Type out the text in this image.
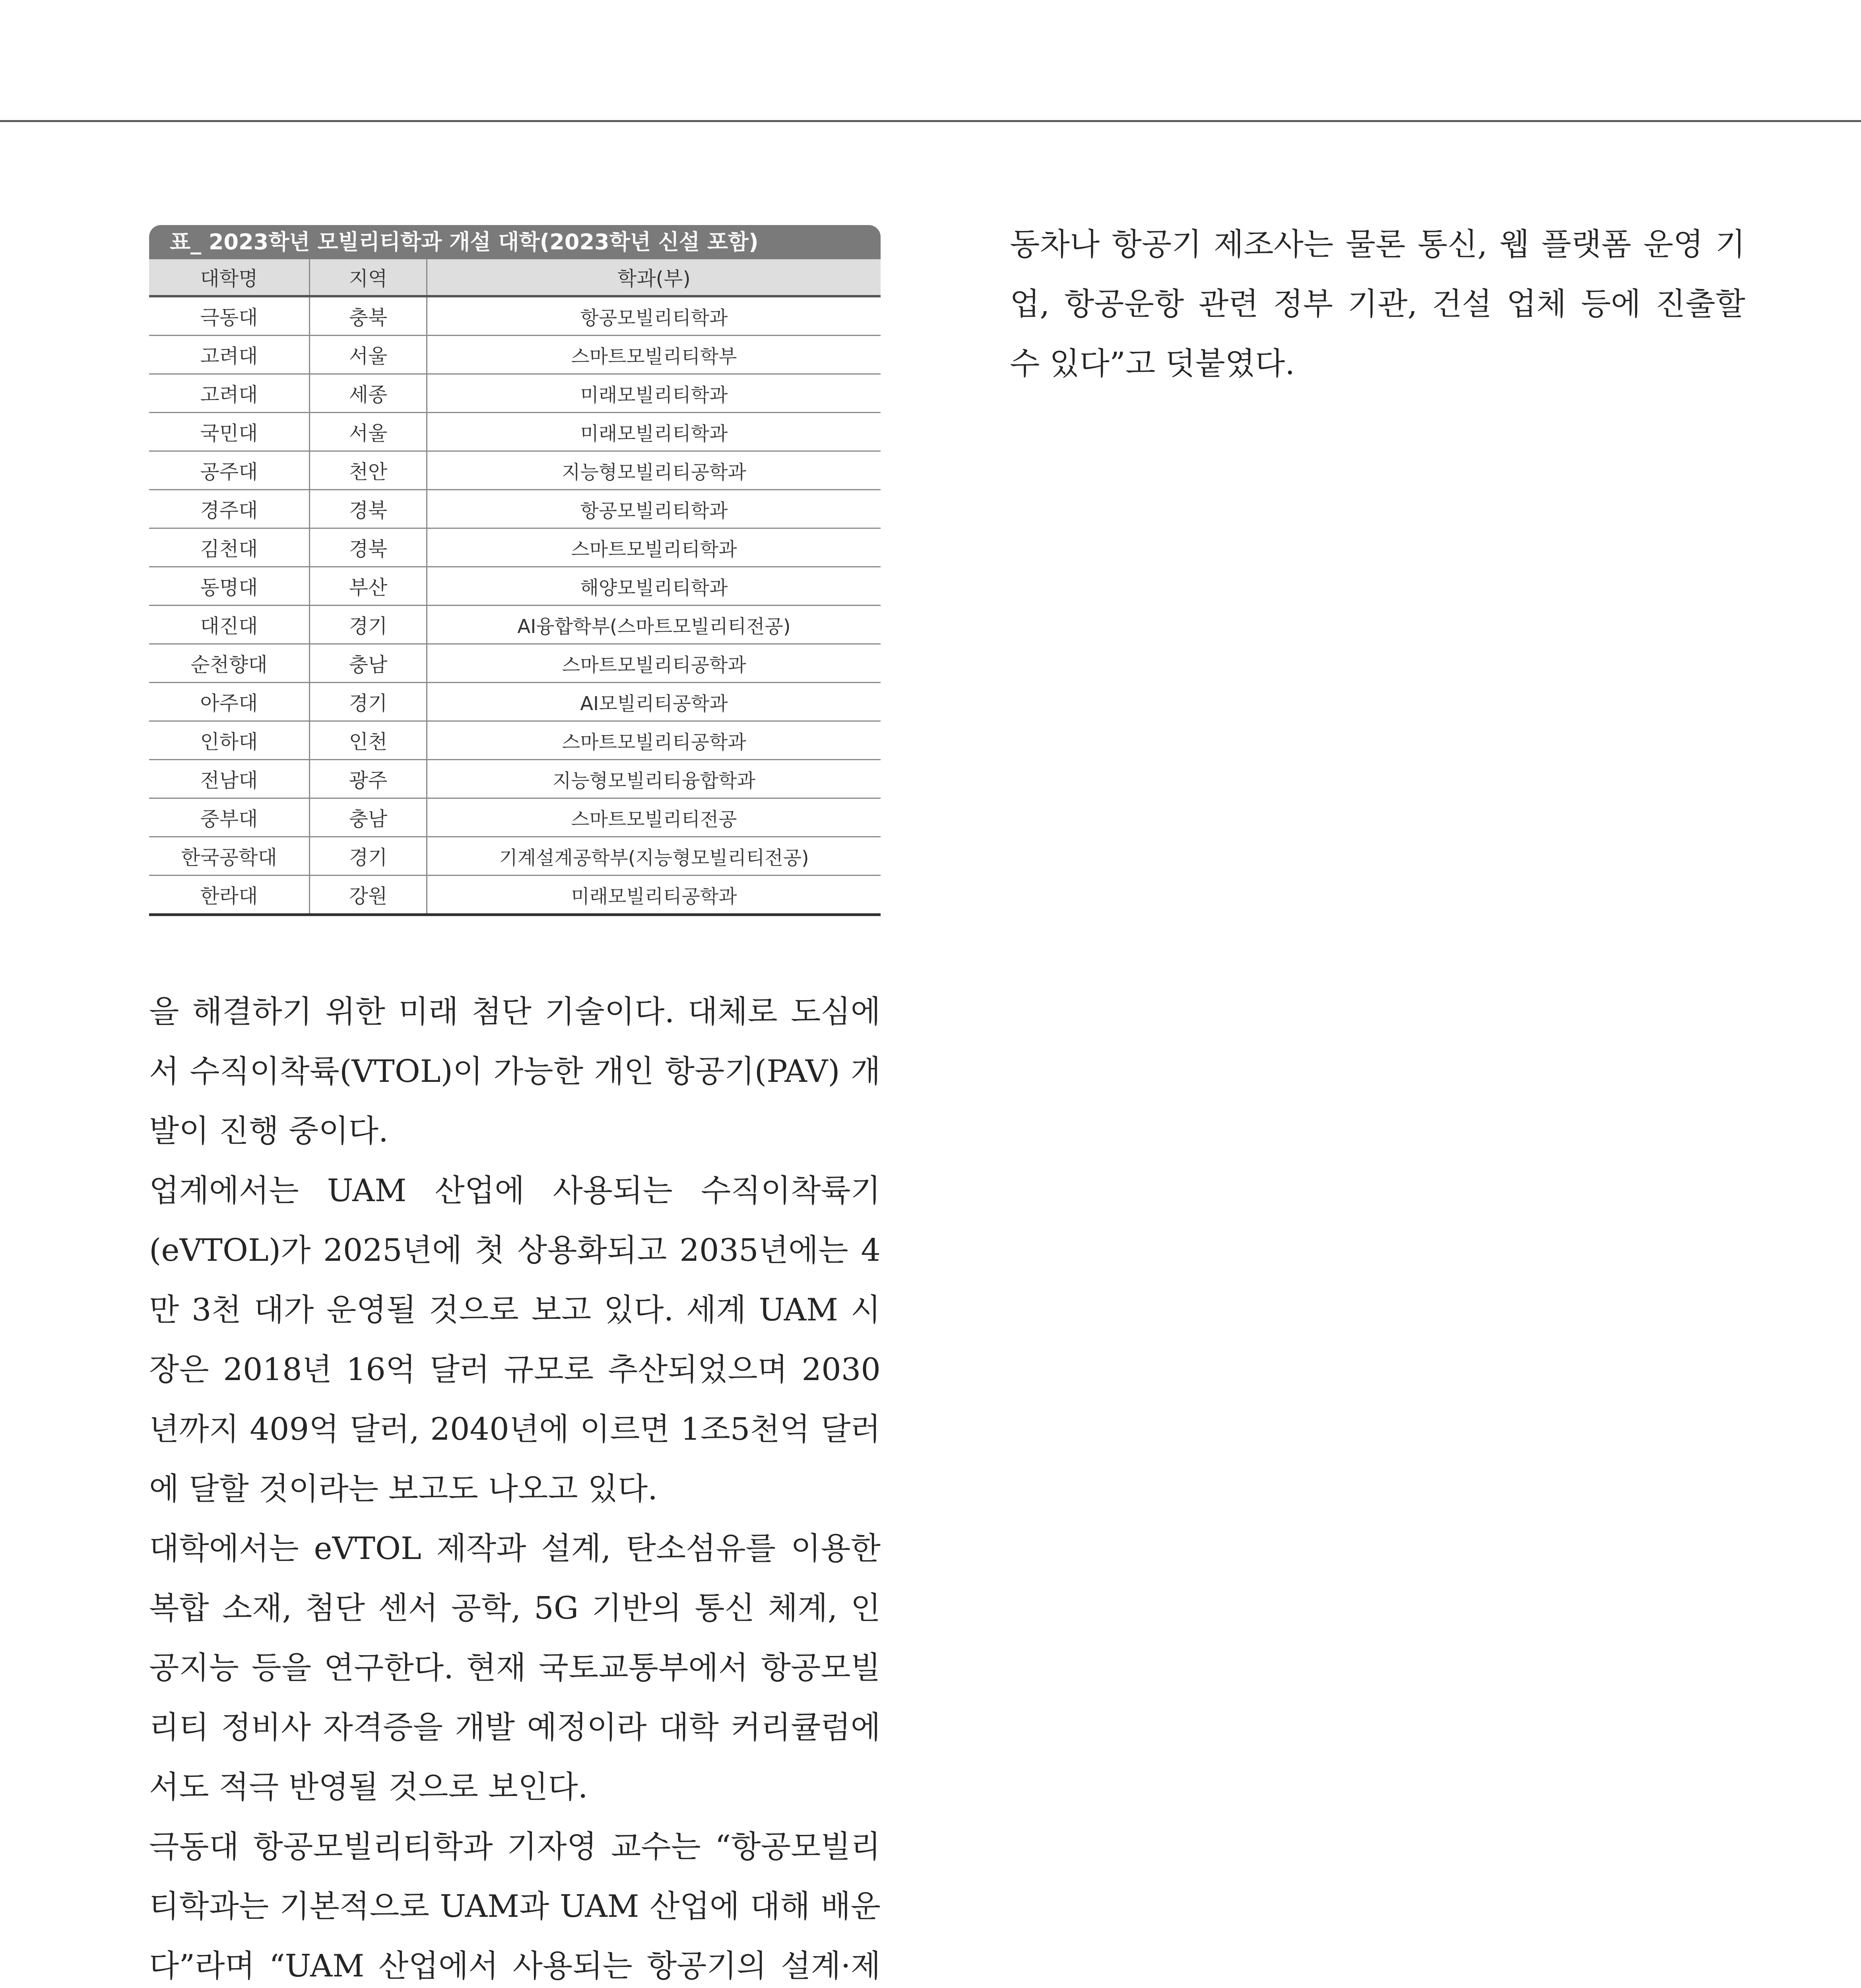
표_ 2023학년 모빌리티학과 개설 대학(2023학년 신설 포함)
대학명	지역	학과(부)
극동대	충북	항공모빌리티학과
고려대	서울	스마트모빌리티학부
고려대	세종	미래모빌리티학과
국민대	서울	미래모빌리티학과
공주대	천안	지능형모빌리티공학과
경주대	경북	항공모빌리티학과
김천대	경북	스마트모빌리티학과
동명대	부산	해양모빌리티학과
대진대	경기	AI융합학부(스마트모빌리티전공)
순천향대	충남	스마트모빌리티공학과
아주대	경기	AI모빌리티공학과
인하대	인천	스마트모빌리티공학과
전남대	광주	지능형모빌리티융합학과
중부대	충남	스마트모빌리티전공
한국공학대	경기	기계설계공학부(지능형모빌리티전공)
한라대	강원	미래모빌리티공학과

을 해결하기 위한 미래 첨단 기술이다. 대체로 도심에서 수직이착륙(VTOL)이 가능한 개인 항공기(PAV) 개발이 진행 중이다.

업계에서는 UAM 산업에 사용되는 수직이착륙기(eVTOL)가 2025년에 첫 상용화되고 2035년에는 4만 3천 대가 운영될 것으로 보고 있다. 세계 UAM 시장은 2018년 16억 달러 규모로 추산되었으며 2030년까지 409억 달러, 2040년에 이르면 1조5천억 달러에 달할 것이라는 보고도 나오고 있다.

대학에서는 eVTOL 제작과 설계, 탄소섬유를 이용한 복합 소재, 첨단 센서 공학, 5G 기반의 통신 체계, 인공지능 등을 연구한다. 현재 국토교통부에서 항공모빌리티 정비사 자격증을 개발 예정이라 대학 커리큘럼에서도 적극 반영될 것으로 보인다.

극동대 항공모빌리티학과 기자영 교수는 “항공모빌리티학과는 기본적으로 UAM과 UAM 산업에 대해 배운다”라며 “UAM 산업에서 사용되는 항공기의 설계·제

동차나 항공기 제조사는 물론 통신, 웹 플랫폼 운영 기업, 항공운항 관련 정부 기관, 건설 업체 등에 진출할 수 있다”고 덧붙였다.
